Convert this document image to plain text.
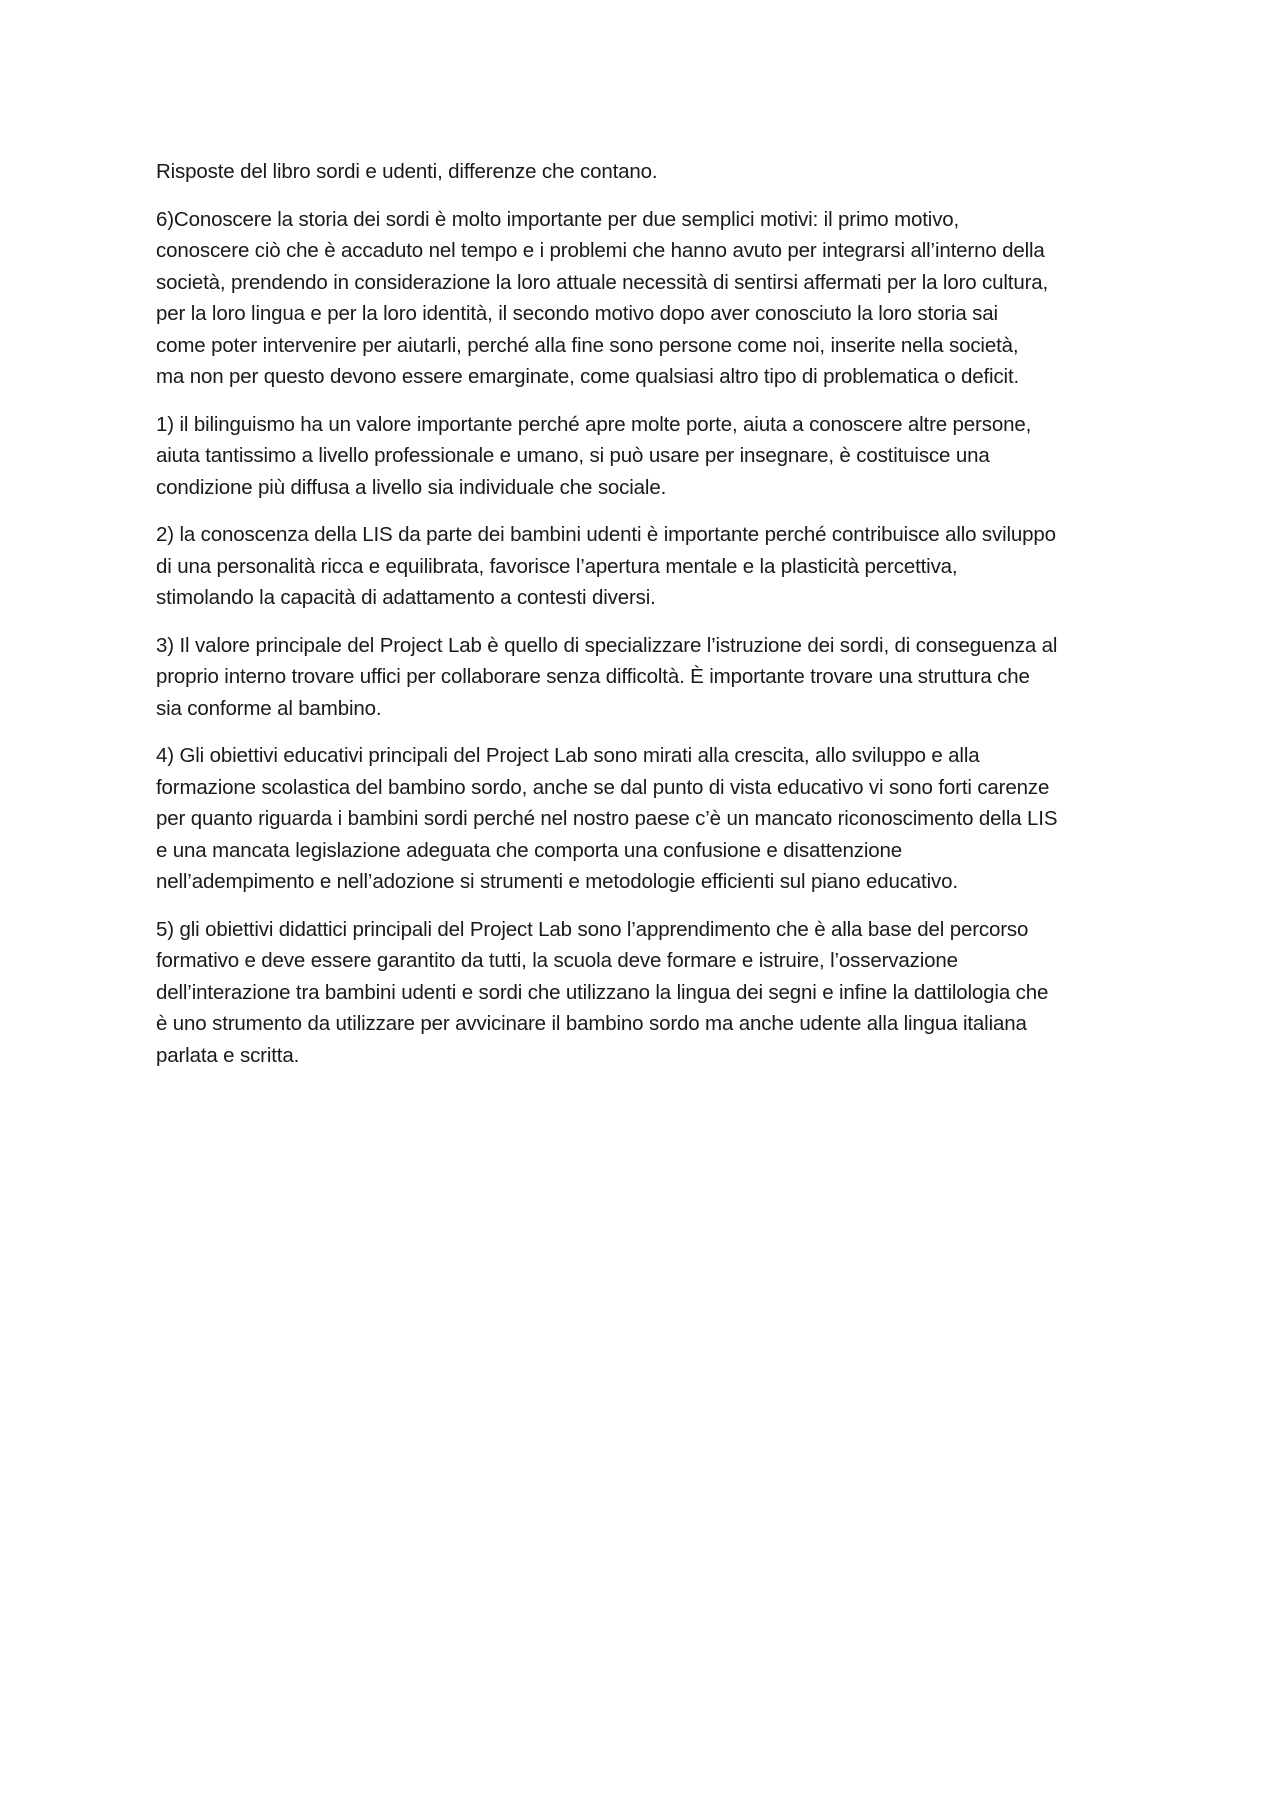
Risposte del libro sordi e udenti, differenze che contano.

6)Conoscere la storia dei sordi è molto importante per due semplici motivi: il primo motivo,
conoscere ciò che è accaduto nel tempo e i problemi che hanno avuto per integrarsi all’interno della
società, prendendo in considerazione la loro attuale necessità di sentirsi affermati per la loro cultura,
per la loro lingua e per la loro identità, il secondo motivo dopo aver conosciuto la loro storia sai
come poter intervenire per aiutarli, perché alla fine sono persone come noi, inserite nella società,
ma non per questo devono essere emarginate, come qualsiasi altro tipo di problematica o deficit.

1) il bilinguismo ha un valore importante perché apre molte porte, aiuta a conoscere altre persone,
aiuta tantissimo a livello professionale e umano, si può usare per insegnare, è costituisce una
condizione più diffusa a livello sia individuale che sociale.

2) la conoscenza della LIS da parte dei bambini udenti è importante perché contribuisce allo sviluppo
di una personalità ricca e equilibrata, favorisce l’apertura mentale e la plasticità percettiva,
stimolando la capacità di adattamento a contesti diversi.

3) Il valore principale del Project Lab è quello di specializzare l’istruzione dei sordi, di conseguenza al
proprio interno trovare uffici per collaborare senza difficoltà. È importante trovare una struttura che
sia conforme al bambino.

4) Gli obiettivi educativi principali del Project Lab sono mirati alla crescita, allo sviluppo e alla
formazione scolastica del bambino sordo, anche se dal punto di vista educativo vi sono forti carenze
per quanto riguarda i bambini sordi perché nel nostro paese c’è un mancato riconoscimento della LIS
e una mancata legislazione adeguata che comporta una confusione e disattenzione
nell’adempimento e nell’adozione si strumenti e metodologie efficienti sul piano educativo.

5) gli obiettivi didattici principali del Project Lab sono l’apprendimento che è alla base del percorso
formativo e deve essere garantito da tutti, la scuola deve formare e istruire, l’osservazione
dell’interazione tra bambini udenti e sordi che utilizzano la lingua dei segni e infine la dattilologia che
è uno strumento da utilizzare per avvicinare il bambino sordo ma anche udente alla lingua italiana
parlata e scritta.
